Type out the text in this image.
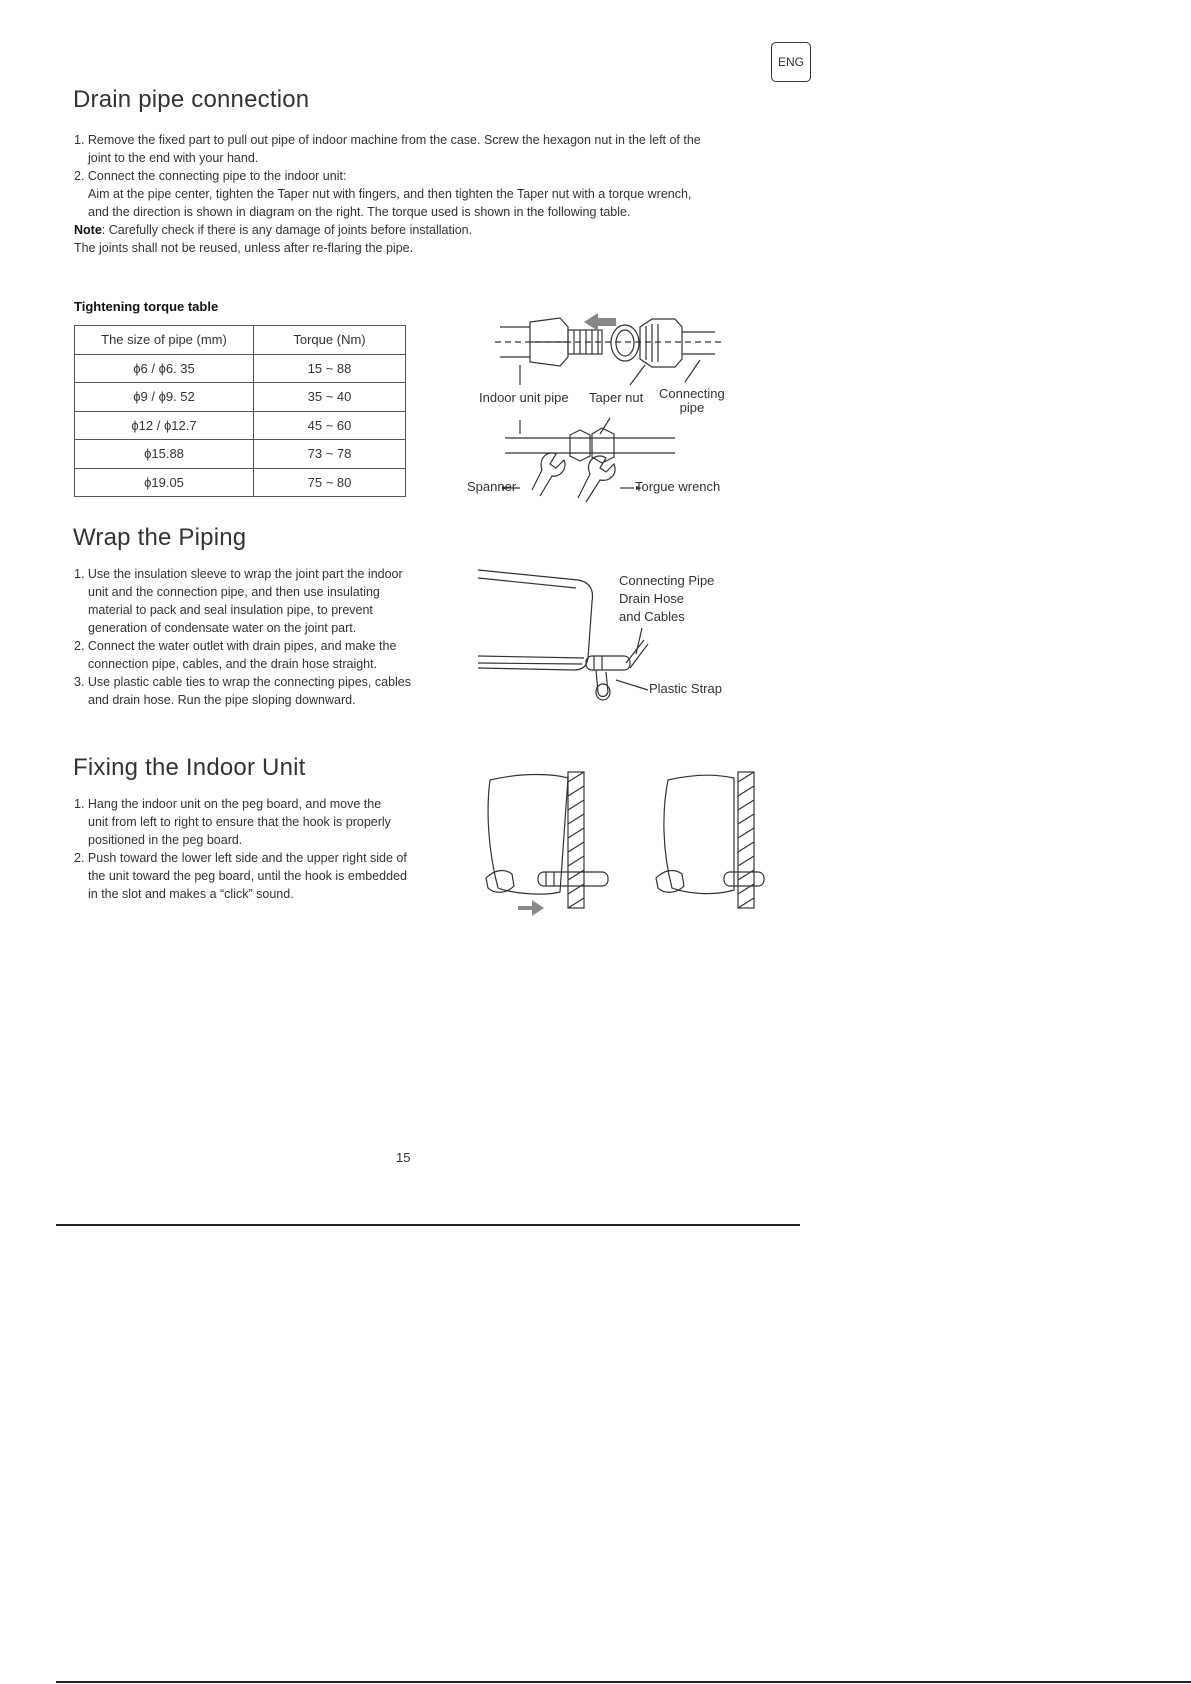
ENG
Drain pipe connection

1. Remove the fixed part to pull out pipe of indoor machine from the case. Screw the hexagon nut in the left of the

joint to the end with your hand.

2. Connect the connecting pipe to the indoor unit:

Aim at the pipe center, tighten the Taper nut with fingers, and then tighten the Taper nut with a torque wrench,

and the direction is shown in diagram on the right. The torque used is shown in the following table.

Note: Carefully check if there is any damage of joints before installation.

The joints shall not be reused, unless after re-flaring the pipe.

Tightening torque table
The size of pipe (mm)	Torque (Nm)
ϕ6 / ϕ6. 35	15 ~ 88
ϕ9 / ϕ9. 52	35 ~ 40
ϕ12 / ϕ12.7	45 ~ 60
ϕ15.88	73 ~ 78
ϕ19.05	75 ~ 80
Indoor unit pipe Taper nut Connecting
pipe
Spanner	Torgue wrench
Wrap the Piping

1. Use the insulation sleeve to wrap the joint part the indoor

unit and the connection pipe, and then use insulating

material to pack and seal insulation pipe, to prevent

generation of condensate water on the joint part.

2. Connect the water outlet with drain pipes, and make the

connection pipe, cables, and the drain hose straight.

3. Use plastic cable ties to wrap the connecting pipes, cables

and drain hose. Run the pipe sloping downward.

Connecting Pipe
Drain Hose
and Cables
Plastic Strap
Fixing the Indoor Unit

1. Hang the indoor unit on the peg board, and move the

unit from left to right to ensure that the hook is properly

positioned in the peg board.

2. Push toward the lower left side and the upper right side of

the unit toward the peg board, until the hook is embedded

in the slot and makes a “click” sound.

15
